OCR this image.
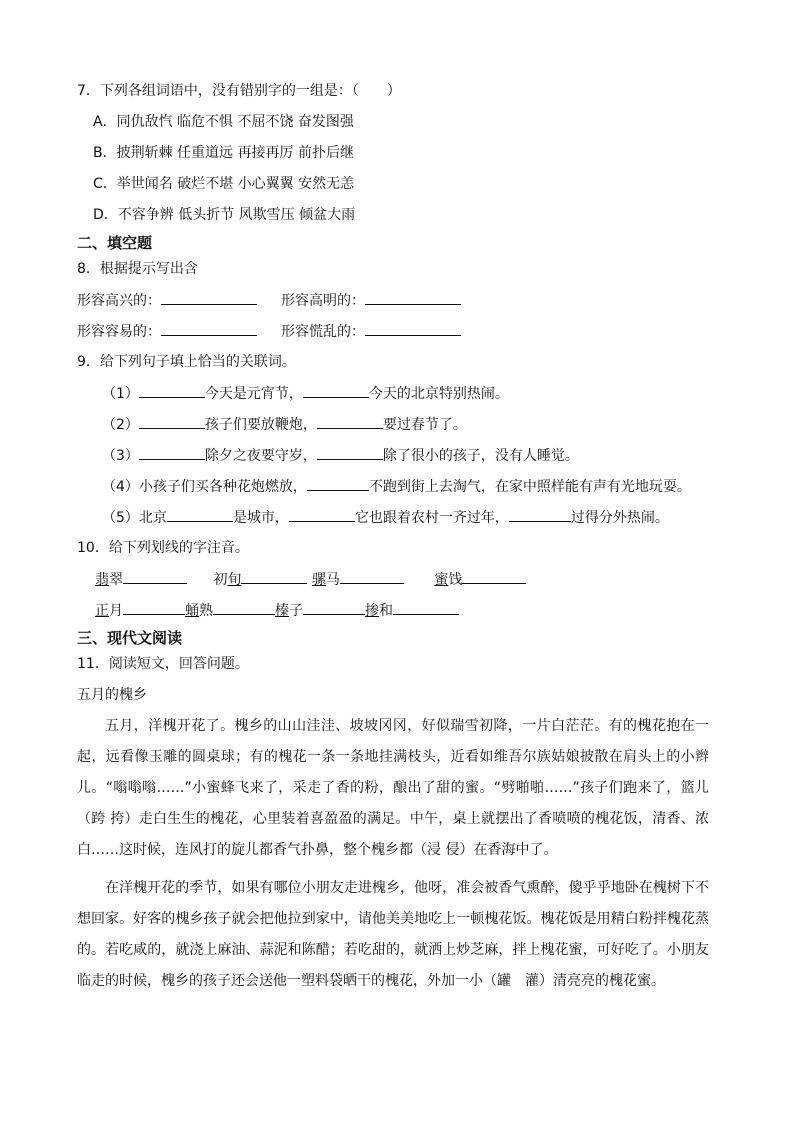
7．下列各组词语中，没有错别字的一组是：（　　）
A．同仇敌忾 临危不惧 不屈不饶 奋发图强
B．披荆斩棘 任重道远 再接再厉 前扑后继
C．举世闻名 破烂不堪 小心翼翼 安然无恙
D．不容争辨 低头折节 风欺雪压 倾盆大雨
二、填空题
8．根据提示写出含
形容高兴的：	形容高明的：
形容容易的：	形容慌乱的：
9．给下列句子填上恰当的关联词。
（1）	今天是元宵节，	今天的北京特别热闹。
（2）	孩子们要放鞭炮，	要过春节了。
（3）	除夕之夜要守岁，	除了很小的孩子，没有人睡觉。
（4）小孩子们买各种花炮燃放，	不跑到街上去淘气，在家中照样能有声有光地玩耍。
（5）北京	是城市，	它也跟着农村一齐过年，	过得分外热闹。
10．给下列划线的字注音。
翡翠	初旬	骡马	蜜饯
正月	蛹熟	榛子	掺和
三、现代文阅读
11．阅读短文，回答问题。
五月的槐乡

五月，洋槐开花了。槐乡的山山洼洼、坡坡冈冈，好似瑞雪初降，一片白茫茫。有的槐花抱在一起，远看像玉雕的圆桌球；有的槐花一条一条地挂满枝头，近看如维吾尔族姑娘披散在肩头上的小辫儿。“嗡嗡嗡……”小蜜蜂飞来了，采走了香的粉，酿出了甜的蜜。“劈啪啪……”孩子们跑来了，篮儿（跨 挎）走白生生的槐花，心里装着喜盈盈的满足。中午，桌上就摆出了香喷喷的槐花饭，清香、浓白……这时候，连风打的旋儿都香气扑鼻，整个槐乡都（浸 侵）在香海中了。

在洋槐开花的季节，如果有哪位小朋友走进槐乡，他呀，准会被香气熏醉，傻乎乎地卧在槐树下不想回家。好客的槐乡孩子就会把他拉到家中，请他美美地吃上一顿槐花饭。槐花饭是用精白粉拌槐花蒸的。若吃咸的，就浇上麻油、蒜泥和陈醋；若吃甜的，就洒上炒芝麻，拌上槐花蜜，可好吃了。小朋友临走的时候，槐乡的孩子还会送他一塑料袋晒干的槐花，外加一小（罐　灌）清亮亮的槐花蜜。
